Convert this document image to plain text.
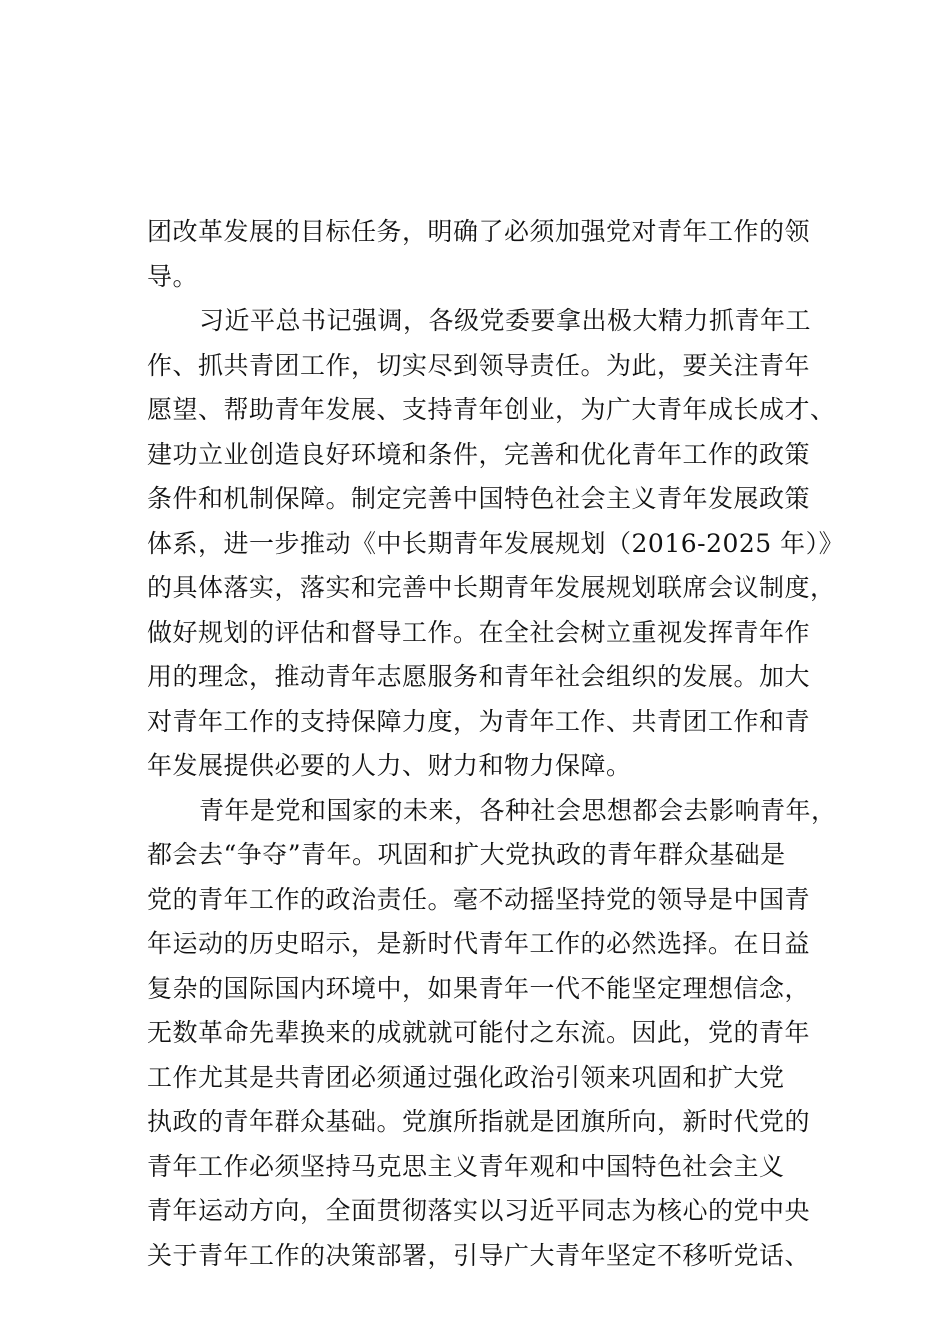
团改革发展的目标任务，明确了必须加强党对青年工作的领
导。
习近平总书记强调，各级党委要拿出极大精力抓青年工
作、抓共青团工作，切实尽到领导责任。为此，要关注青年
愿望、帮助青年发展、支持青年创业，为广大青年成长成才、
建功立业创造良好环境和条件，完善和优化青年工作的政策
条件和机制保障。制定完善中国特色社会主义青年发展政策
体系，进一步推动《中长期青年发展规划（2016-2025 年）》
的具体落实，落实和完善中长期青年发展规划联席会议制度，
做好规划的评估和督导工作。在全社会树立重视发挥青年作
用的理念，推动青年志愿服务和青年社会组织的发展。加大
对青年工作的支持保障力度，为青年工作、共青团工作和青
年发展提供必要的人力、财力和物力保障。
青年是党和国家的未来，各种社会思想都会去影响青年，
都会去“争夺”青年。巩固和扩大党执政的青年群众基础是
党的青年工作的政治责任。毫不动摇坚持党的领导是中国青
年运动的历史昭示，是新时代青年工作的必然选择。在日益
复杂的国际国内环境中，如果青年一代不能坚定理想信念，
无数革命先辈换来的成就就可能付之东流。因此，党的青年
工作尤其是共青团必须通过强化政治引领来巩固和扩大党
执政的青年群众基础。党旗所指就是团旗所向，新时代党的
青年工作必须坚持马克思主义青年观和中国特色社会主义
青年运动方向，全面贯彻落实以习近平同志为核心的党中央
关于青年工作的决策部署，引导广大青年坚定不移听党话、
